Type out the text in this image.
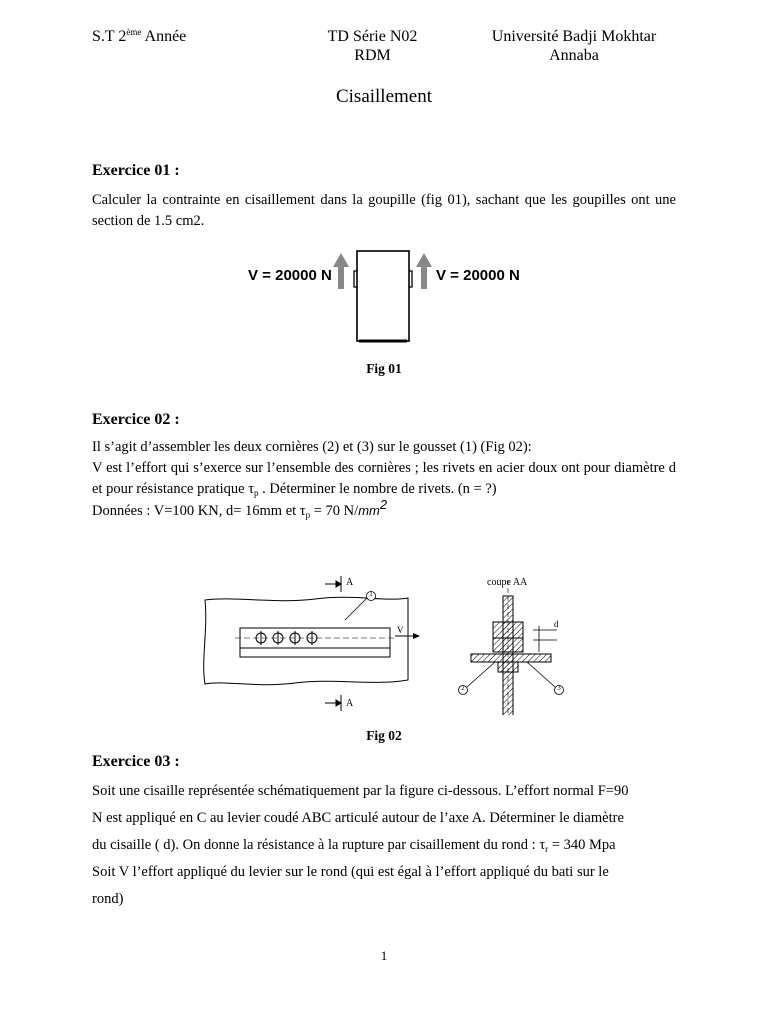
S.T 2ème Année	TD Série N02
RDM
Université Badji Mokhtar
Annaba
Cisaillement
Exercice 01 :

Calculer la contrainte en cisaillement dans la goupille (fig 01), sachant que les goupilles ont une section de 1.5 cm2.

V = 20000 N	V = 20000 N
Fig 01
Exercice 02 :

Il s’agit d’assembler les deux cornières (2) et (3) sur le gousset (1) (Fig 02):

V est l’effort qui s’exerce sur l’ensemble des cornières ; les rivets en acier doux ont pour diamètre d et pour résistance pratique $\tau_p$ . Déterminer le nombre de rivets. (n = ?)

Données : V=100 KN, d= 16mm et $\tau_p = 70$ $N/mm^2$

A
A
1
V
coupe AA
d
2	3
Fig 02
Exercice 03 :

Soit une cisaille représentée schématiquement par la figure ci-dessous. L’effort normal F=90

N est appliqué en C au levier coudé ABC articulé autour de l’axe A. Déterminer le diamètre

du cisaille ( d). On donne la résistance à la rupture par cisaillement du rond : $\tau_r = 340$ Mpa

Soit V l’effort appliqué du levier sur le rond (qui est égal à l’effort appliqué du bati sur le

rond)

1
